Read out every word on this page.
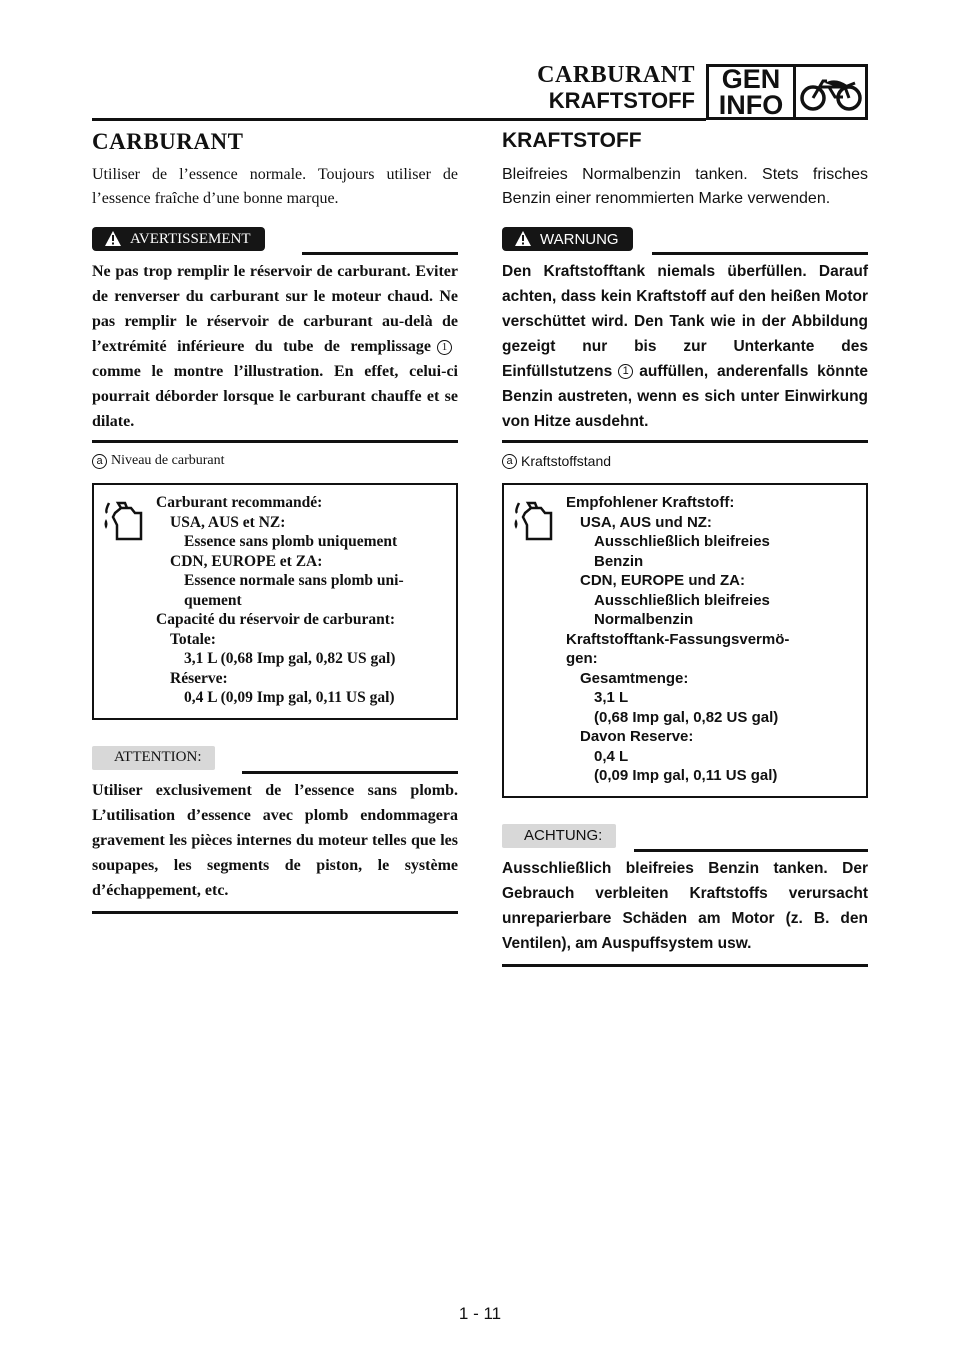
CARBURANT
KRAFTSTOFF
GEN
INFO
CARBURANT

Utiliser de l’essence normale. Toujours utiliser de l’essence fraîche d’une bonne marque.

AVERTISSEMENT
Ne pas trop remplir le réservoir de carburant. Eviter de renverser du carburant sur le moteur chaud. Ne pas remplir le réservoir de carburant au-delà de l’extrémité inférieure du tube de remplissage 1comme le montre l’illustration. En effet, celui-ci pourrait déborder lorsque le carburant chauffe et se dilate.
a Niveau de carburant
Carburant recommandé:
USA, AUS et NZ:
Essence sans plomb uniquement
CDN, EUROPE et ZA:
Essence normale sans plomb uni-
quement
Capacité du réservoir de carburant:
Totale:
3,1 L (0,68 Imp gal, 0,82 US gal)
Réserve:
0,4 L (0,09 Imp gal, 0,11 US gal)
ATTENTION:
Utiliser exclusivement de l’essence sans plomb. L’utilisation d’essence avec plomb endommagera gravement les pièces internes du moteur telles que les soupapes, les segments de piston, le système d’échappement, etc.
KRAFTSTOFF

Bleifreies Normalbenzin tanken. Stets frisches Benzin einer renommierten Marke verwenden.

WARNUNG
Den Kraftstofftank niemals überfüllen. Darauf achten, dass kein Kraftstoff auf den heißen Motor verschüttet wird. Den Tank wie in der Abbildung gezeigt nur bis zur Unterkante des Einfüllstutzens 1 auffüllen, anderenfalls könnte Benzin austreten, wenn es sich unter Einwirkung von Hitze ausdehnt.
a Kraftstoffstand
Empfohlener Kraftstoff:
USA, AUS und NZ:
Ausschließlich bleifreies
Benzin
CDN, EUROPE und ZA:
Ausschließlich bleifreies
Normalbenzin
Kraftstofftank-Fassungsvermö-
gen:
Gesamtmenge:
3,1 L
(0,68 Imp gal, 0,82 US gal)
Davon Reserve:
0,4 L
(0,09 Imp gal, 0,11 US gal)
ACHTUNG:
Ausschließlich bleifreies Benzin tanken. Der Gebrauch verbleiten Kraftstoffs verursacht unreparierbare Schäden am Motor (z. B. den Ventilen), am Auspuffsystem usw.
1 - 11
